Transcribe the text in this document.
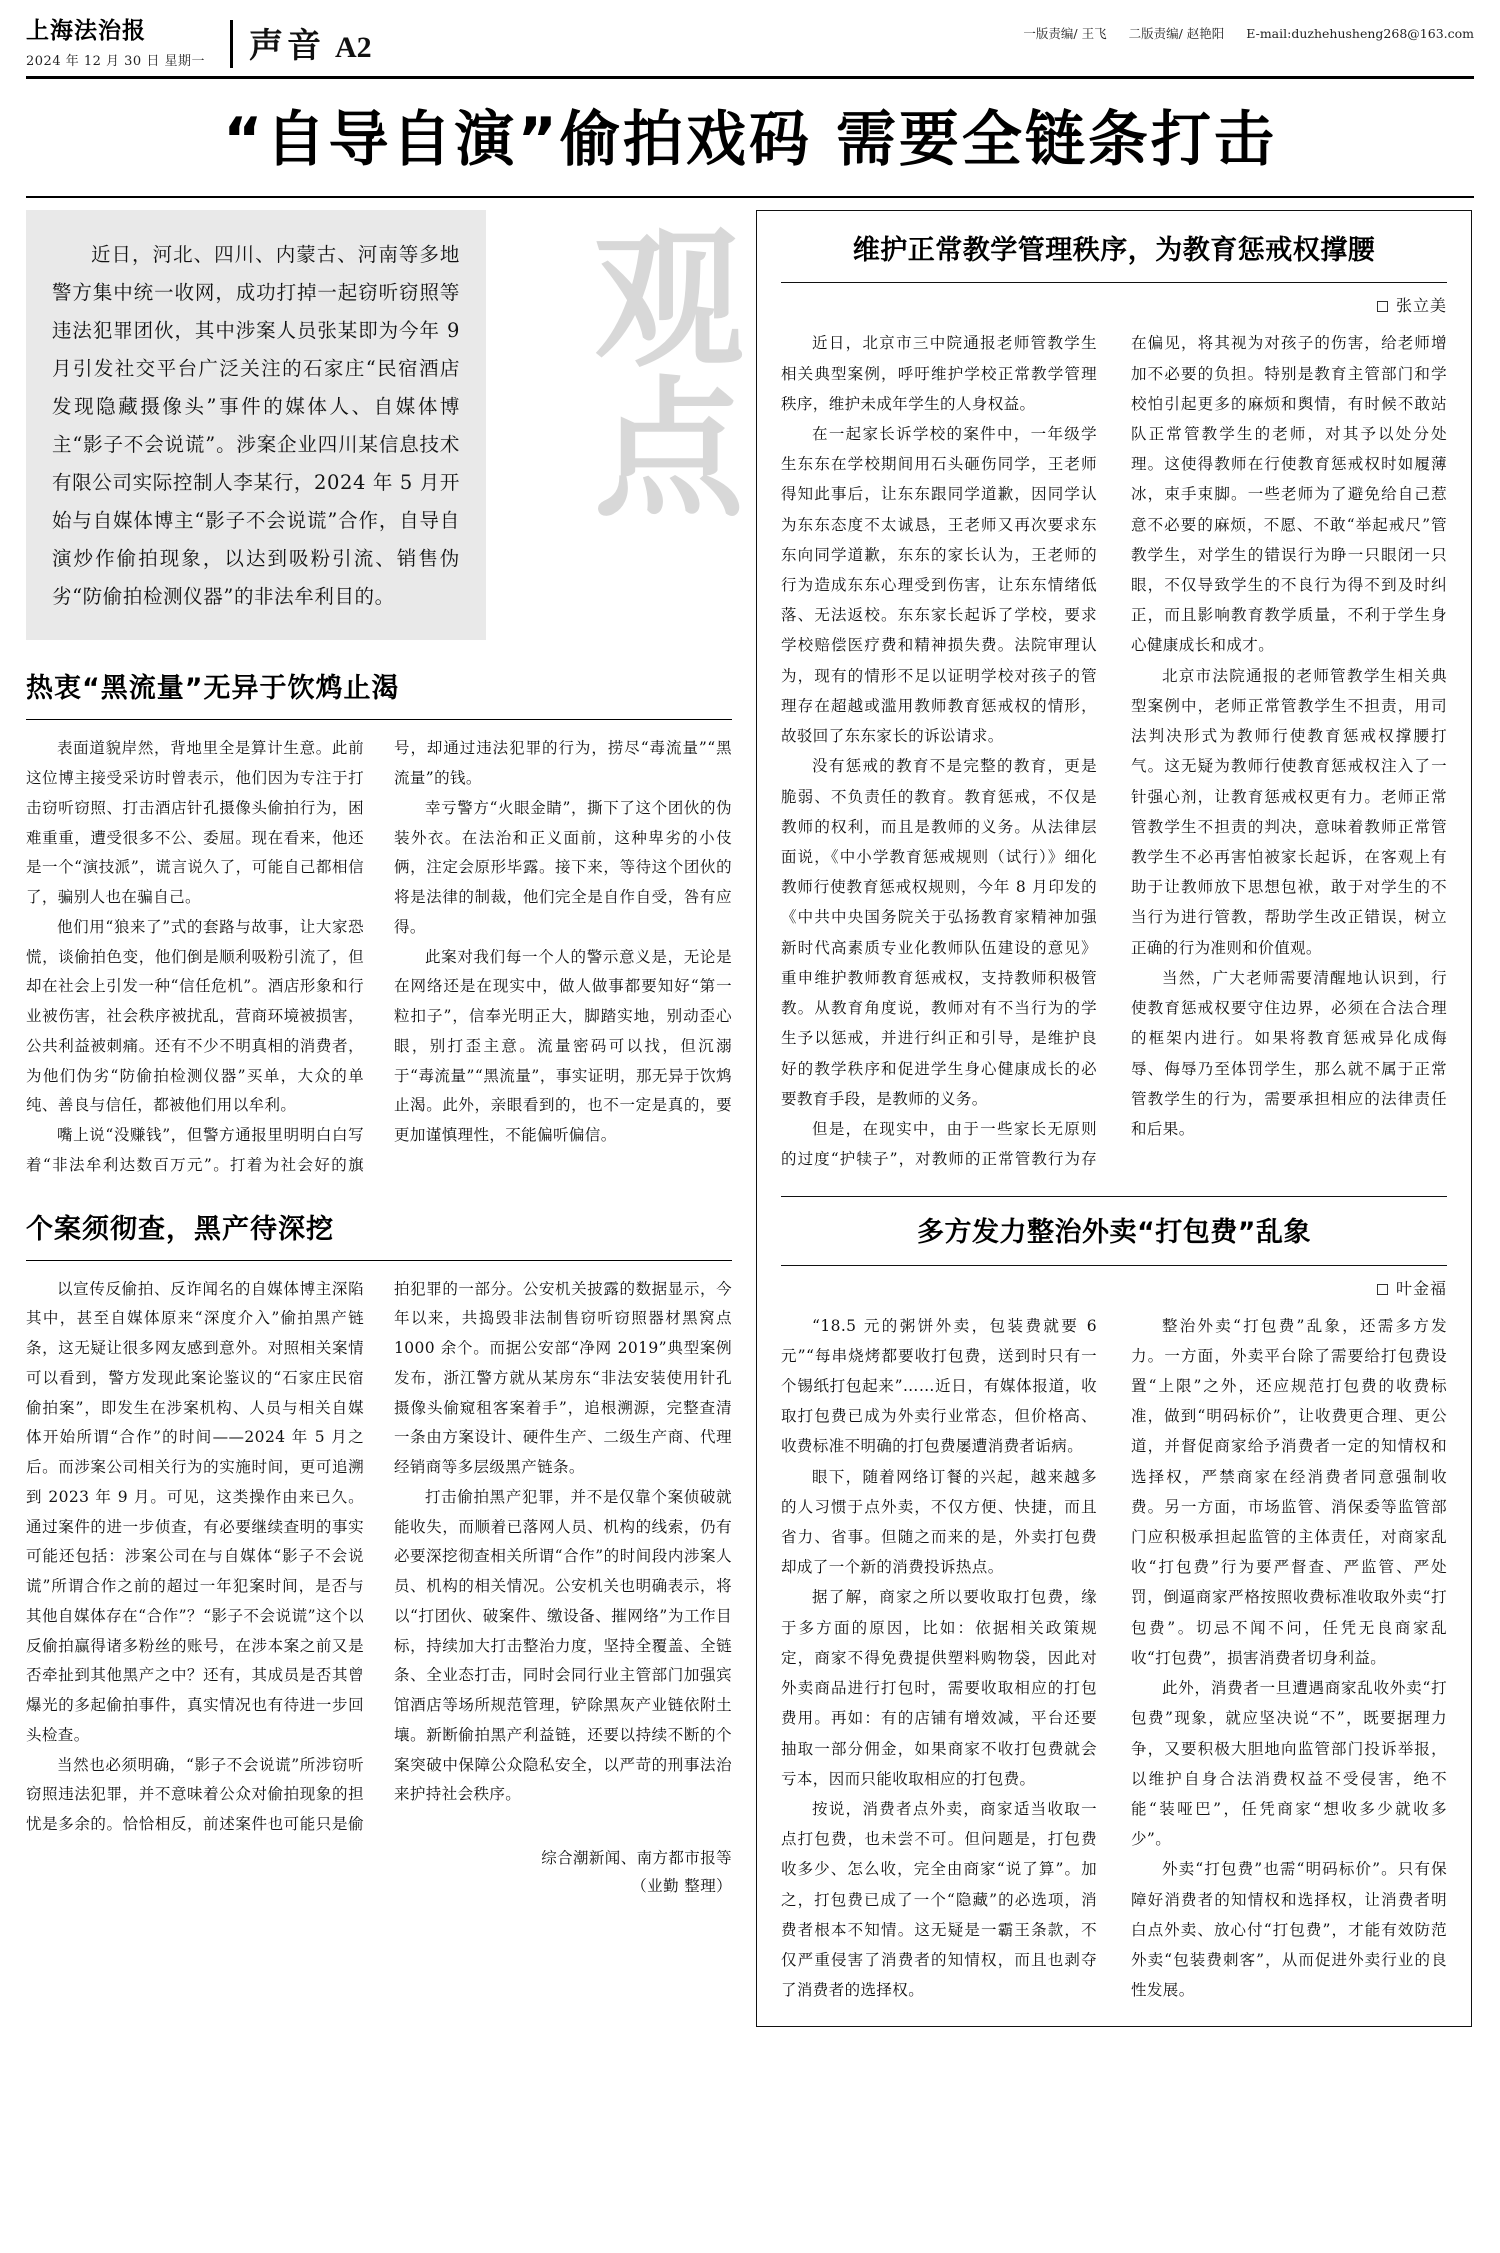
上海法治报
2024 年 12 月 30 日 星期一	声音 A2	一版责编/ 王飞 二版责编/ 赵艳阳 E-mail:duzhehusheng268@163.com
“自导自演”偷拍戏码 需要全链条打击
观点

近日，河北、四川、内蒙古、河南等多地警方集中统一收网，成功打掉一起窃听窃照等违法犯罪团伙，其中涉案人员张某即为今年 9 月引发社交平台广泛关注的石家庄“民宿酒店发现隐藏摄像头”事件的媒体人、自媒体博主“影子不会说谎”。涉案企业四川某信息技术有限公司实际控制人李某行，2024 年 5 月开始与自媒体博主“影子不会说谎”合作，自导自演炒作偷拍现象，以达到吸粉引流、销售伪劣“防偷拍检测仪器”的非法牟利目的。

热衷“黑流量”无异于饮鸩止渴

表面道貌岸然，背地里全是算计生意。此前这位博主接受采访时曾表示，他们因为专注于打击窃听窃照、打击酒店针孔摄像头偷拍行为，困难重重，遭受很多不公、委屈。现在看来，他还是一个“演技派”，谎言说久了，可能自己都相信了，骗别人也在骗自己。

他们用“狼来了”式的套路与故事，让大家恐慌，谈偷拍色变，他们倒是顺利吸粉引流了，但却在社会上引发一种“信任危机”。酒店形象和行业被伤害，社会秩序被扰乱，营商环境被损害，公共利益被刺痛。还有不少不明真相的消费者，为他们伪劣“防偷拍检测仪器”买单，大众的单纯、善良与信任，都被他们用以牟利。

嘴上说“没赚钱”，但警方通报里明明白白写着“非法牟利达数百万元”。打着为社会好的旗号，却通过违法犯罪的行为，捞尽“毒流量”“黑流量”的钱。

幸亏警方“火眼金睛”，撕下了这个团伙的伪装外衣。在法治和正义面前，这种卑劣的小伎俩，注定会原形毕露。接下来，等待这个团伙的将是法律的制裁，他们完全是自作自受，咎有应得。

此案对我们每一个人的警示意义是，无论是在网络还是在现实中，做人做事都要知好“第一粒扣子”，信奉光明正大，脚踏实地，别动歪心眼，别打歪主意。流量密码可以找，但沉溺于“毒流量”“黑流量”，事实证明，那无异于饮鸩止渴。此外，亲眼看到的，也不一定是真的，要更加谨慎理性，不能偏听偏信。

个案须彻查，黑产待深挖

以宣传反偷拍、反诈闻名的自媒体博主深陷其中，甚至自媒体原来“深度介入”偷拍黑产链条，这无疑让很多网友感到意外。对照相关案情可以看到，警方发现此案论鉴议的“石家庄民宿偷拍案”，即发生在涉案机构、人员与相关自媒体开始所谓“合作”的时间——2024 年 5 月之后。而涉案公司相关行为的实施时间，更可追溯到 2023 年 9 月。可见，这类操作由来已久。通过案件的进一步侦查，有必要继续查明的事实可能还包括：涉案公司在与自媒体“影子不会说谎”所谓合作之前的超过一年犯案时间，是否与其他自媒体存在“合作”？“影子不会说谎”这个以反偷拍赢得诸多粉丝的账号，在涉本案之前又是否牵扯到其他黑产之中？还有，其成员是否其曾爆光的多起偷拍事件，真实情况也有待进一步回头检查。

当然也必须明确，“影子不会说谎”所涉窃听窃照违法犯罪，并不意味着公众对偷拍现象的担忧是多余的。恰恰相反，前述案件也可能只是偷拍犯罪的一部分。公安机关披露的数据显示，今年以来，共捣毁非法制售窃听窃照器材黑窝点 1000 余个。而据公安部“净网 2019”典型案例发布，浙江警方就从某房东“非法安装使用针孔摄像头偷窥租客案着手”，追根溯源，完整查清一条由方案设计、硬件生产、二级生产商、代理经销商等多层级黑产链条。

打击偷拍黑产犯罪，并不是仅靠个案侦破就能收失，而顺着已落网人员、机构的线索，仍有必要深挖彻查相关所谓“合作”的时间段内涉案人员、机构的相关情况。公安机关也明确表示，将以“打团伙、破案件、缴设备、摧网络”为工作目标，持续加大打击整治力度，坚持全覆盖、全链条、全业态打击，同时会同行业主管部门加强宾馆酒店等场所规范管理，铲除黑灰产业链依附土壤。新断偷拍黑产利益链，还要以持续不断的个案突破中保障公众隐私安全，以严苛的刑事法治来护持社会秩序。

综合潮新闻、南方都市报等
（业勤 整理）
维护正常教学管理秩序，为教育惩戒权撑腰
张立美

近日，北京市三中院通报老师管教学生相关典型案例，呼吁维护学校正常教学管理秩序，维护未成年学生的人身权益。

在一起家长诉学校的案件中，一年级学生东东在学校期间用石头砸伤同学，王老师得知此事后，让东东跟同学道歉，因同学认为东东态度不太诚恳，王老师又再次要求东东向同学道歉，东东的家长认为，王老师的行为造成东东心理受到伤害，让东东情绪低落、无法返校。东东家长起诉了学校，要求学校赔偿医疗费和精神损失费。法院审理认为，现有的情形不足以证明学校对孩子的管理存在超越或滥用教师教育惩戒权的情形，故驳回了东东家长的诉讼请求。

没有惩戒的教育不是完整的教育，更是脆弱、不负责任的教育。教育惩戒，不仅是教师的权利，而且是教师的义务。从法律层面说，《中小学教育惩戒规则（试行）》细化教师行使教育惩戒权规则，今年 8 月印发的《中共中央国务院关于弘扬教育家精神加强新时代高素质专业化教师队伍建设的意见》重申维护教师教育惩戒权，支持教师积极管教。从教育角度说，教师对有不当行为的学生予以惩戒，并进行纠正和引导，是维护良好的教学秩序和促进学生身心健康成长的必要教育手段，是教师的义务。

但是，在现实中，由于一些家长无原则的过度“护犊子”，对教师的正常管教行为存在偏见，将其视为对孩子的伤害，给老师增加不必要的负担。特别是教育主管部门和学校怕引起更多的麻烦和舆情，有时候不敢站队正常管教学生的老师，对其予以处分处理。这使得教师在行使教育惩戒权时如履薄冰，束手束脚。一些老师为了避免给自己惹意不必要的麻烦，不愿、不敢“举起戒尺”管教学生，对学生的错误行为睁一只眼闭一只眼，不仅导致学生的不良行为得不到及时纠正，而且影响教育教学质量，不利于学生身心健康成长和成才。

北京市法院通报的老师管教学生相关典型案例中，老师正常管教学生不担责，用司法判决形式为教师行使教育惩戒权撑腰打气。这无疑为教师行使教育惩戒权注入了一针强心剂，让教育惩戒权更有力。老师正常管教学生不担责的判决，意味着教师正常管教学生不必再害怕被家长起诉，在客观上有助于让教师放下思想包袱，敢于对学生的不当行为进行管教，帮助学生改正错误，树立正确的行为准则和价值观。

当然，广大老师需要清醒地认识到，行使教育惩戒权要守住边界，必须在合法合理的框架内进行。如果将教育惩戒异化成侮辱、侮辱乃至体罚学生，那么就不属于正常管教学生的行为，需要承担相应的法律责任和后果。

多方发力整治外卖“打包费”乱象
叶金福

“18.5 元的粥饼外卖，包装费就要 6 元”“每串烧烤都要收打包费，送到时只有一个锡纸打包起来”……近日，有媒体报道，收取打包费已成为外卖行业常态，但价格高、收费标准不明确的打包费屡遭消费者诟病。

眼下，随着网络订餐的兴起，越来越多的人习惯于点外卖，不仅方便、快捷，而且省力、省事。但随之而来的是，外卖打包费却成了一个新的消费投诉热点。

据了解，商家之所以要收取打包费，缘于多方面的原因，比如：依据相关政策规定，商家不得免费提供塑料购物袋，因此对外卖商品进行打包时，需要收取相应的打包费用。再如：有的店铺有增效减，平台还要抽取一部分佣金，如果商家不收打包费就会亏本，因而只能收取相应的打包费。

按说，消费者点外卖，商家适当收取一点打包费，也未尝不可。但问题是，打包费收多少、怎么收，完全由商家“说了算”。加之，打包费已成了一个“隐藏”的必选项，消费者根本不知情。这无疑是一霸王条款，不仅严重侵害了消费者的知情权，而且也剥夺了消费者的选择权。

整治外卖“打包费”乱象，还需多方发力。一方面，外卖平台除了需要给打包费设置“上限”之外，还应规范打包费的收费标准，做到“明码标价”，让收费更合理、更公道，并督促商家给予消费者一定的知情权和选择权，严禁商家在经消费者同意强制收费。另一方面，市场监管、消保委等监管部门应积极承担起监管的主体责任，对商家乱收“打包费”行为要严督查、严监管、严处罚，倒逼商家严格按照收费标准收取外卖“打包费”。切忌不闻不问，任凭无良商家乱收“打包费”，损害消费者切身利益。

此外，消费者一旦遭遇商家乱收外卖“打包费”现象，就应坚决说“不”，既要据理力争，又要积极大胆地向监管部门投诉举报，以维护自身合法消费权益不受侵害，绝不能“装哑巴”，任凭商家“想收多少就收多少”。

外卖“打包费”也需“明码标价”。只有保障好消费者的知情权和选择权，让消费者明白点外卖、放心付“打包费”，才能有效防范外卖“包装费刺客”，从而促进外卖行业的良性发展。
